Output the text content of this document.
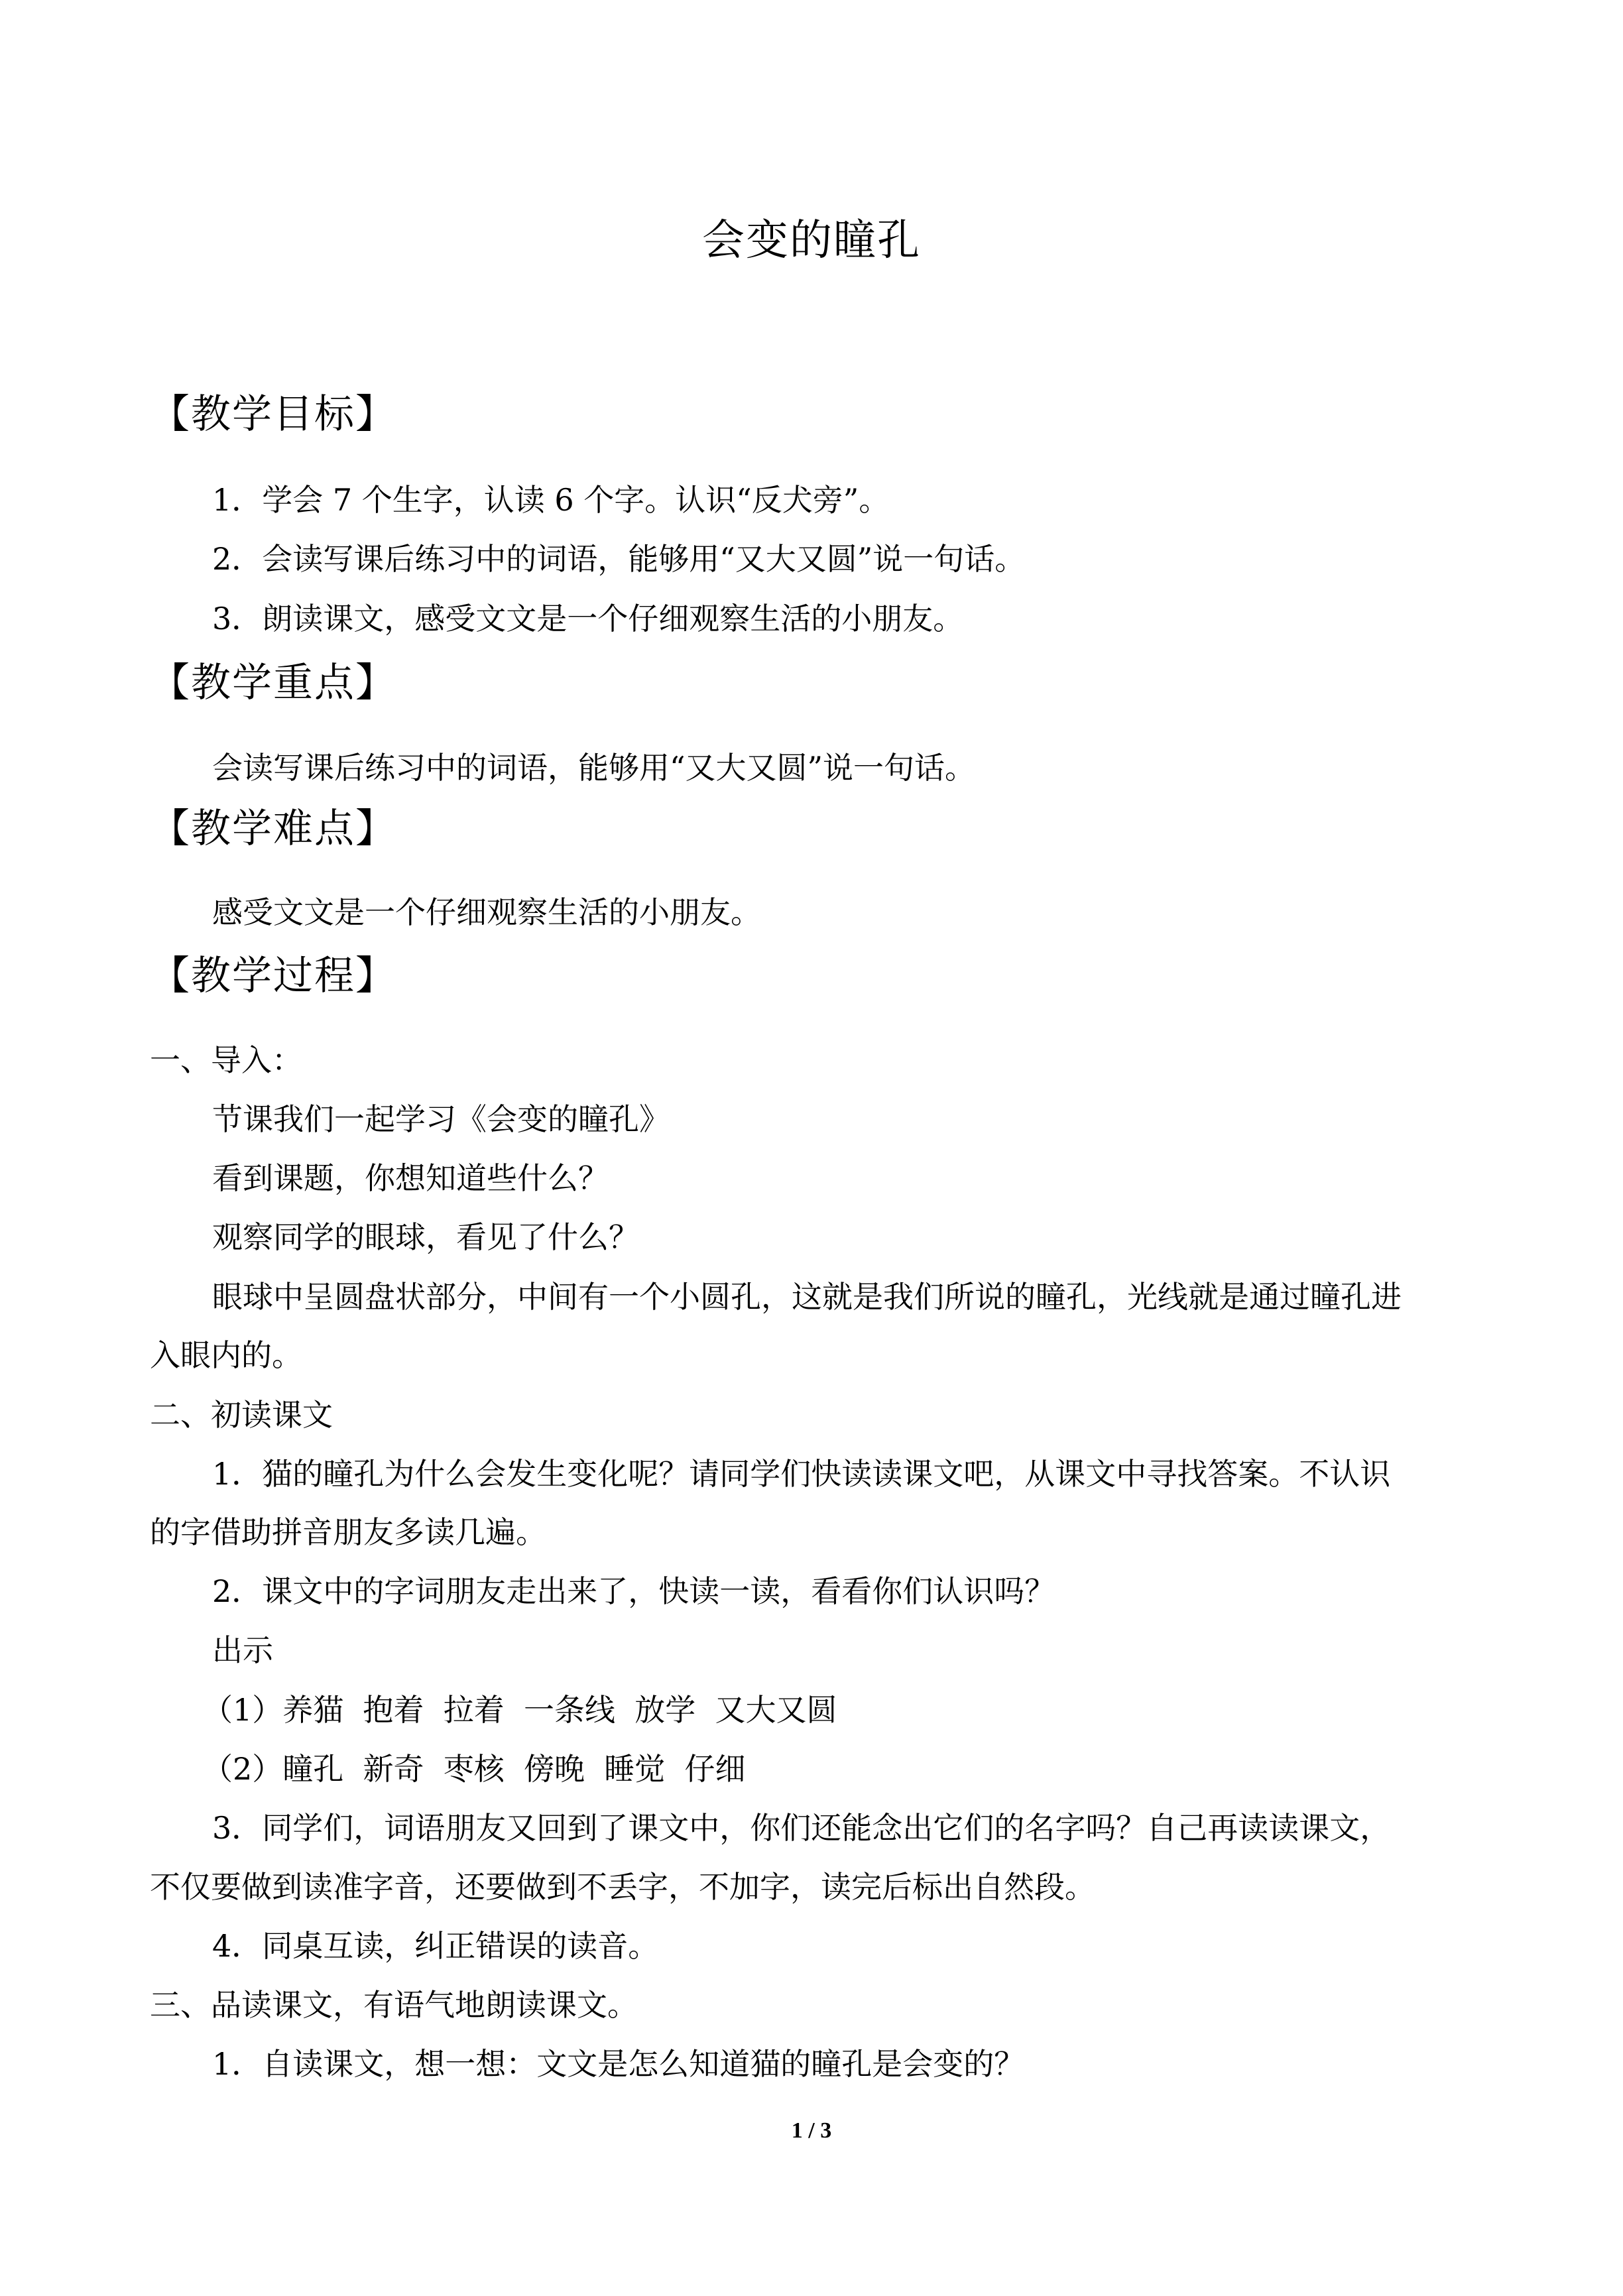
会变的瞳孔
【教学目标】
1．学会 7 个生字，认读 6 个字。认识“反犬旁”。
2．会读写课后练习中的词语，能够用“又大又圆”说一句话。
3．朗读课文，感受文文是一个仔细观察生活的小朋友。
【教学重点】
会读写课后练习中的词语，能够用“又大又圆”说一句话。
【教学难点】
感受文文是一个仔细观察生活的小朋友。
【教学过程】
一、导入：
节课我们一起学习《会变的瞳孔》
看到课题，你想知道些什么？
观察同学的眼球，看见了什么？
眼球中呈圆盘状部分，中间有一个小圆孔，这就是我们所说的瞳孔，光线就是通过瞳孔进
入眼内的。
二、初读课文
1．猫的瞳孔为什么会发生变化呢？请同学们快读读课文吧，从课文中寻找答案。不认识
的字借助拼音朋友多读几遍。
2．课文中的字词朋友走出来了，快读一读，看看你们认识吗？
出示
（1）养猫  抱着  拉着  一条线  放学  又大又圆
（2）瞳孔  新奇  枣核  傍晚  睡觉  仔细
3．同学们，词语朋友又回到了课文中，你们还能念出它们的名字吗？自己再读读课文，
不仅要做到读准字音，还要做到不丢字，不加字，读完后标出自然段。
4．同桌互读，纠正错误的读音。
三、品读课文，有语气地朗读课文。
1．自读课文，想一想：文文是怎么知道猫的瞳孔是会变的？
1 / 3
